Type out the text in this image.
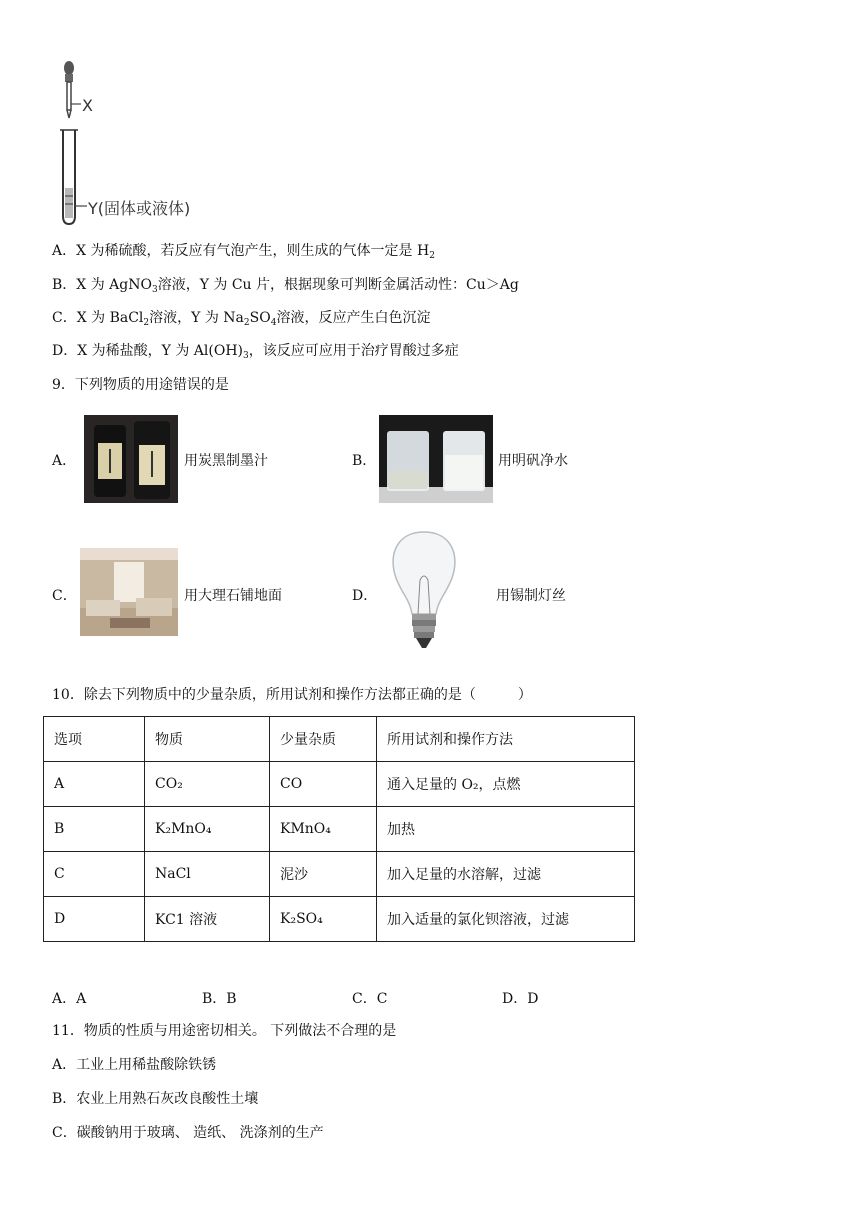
X
Y(固体或液体)
A．X 为稀硫酸，若反应有气泡产生，则生成的气体一定是 $H_2$
B．X 为 AgNO$_3$溶液，Y 为 Cu 片，根据现象可判断金属活动性：Cu＞Ag
C．X 为 BaCl$_2$溶液，Y 为 $Na_2SO_4$溶液，反应产生白色沉淀
D．X 为稀盐酸，Y 为 $Al(OH)_3$，该反应可应用于治疗胃酸过多症
9．下列物质的用途错误的是
A．	用炭黑制墨汁	B．	用明矾净水
C．	用大理石铺地面	D．	用锡制灯丝
10．除去下列物质中的少量杂质，所用试剂和操作方法都正确的是（　　　）
选项	物质	少量杂质	所用试剂和操作方法
A	CO₂	CO	通入足量的 O₂，点燃
B	K₂MnO₄	KMnO₄	加热
C	NaCl	泥沙	加入足量的水溶解，过滤
D	KC1 溶液	K₂SO₄	加入适量的氯化钡溶液，过滤
A．A	B．B	C．C	D．D
11．物质的性质与用途密切相关。 下列做法不合理的是
A．工业上用稀盐酸除铁锈
B．农业上用熟石灰改良酸性土壤
C．碳酸钠用于玻璃、 造纸、 洗涤剂的生产
